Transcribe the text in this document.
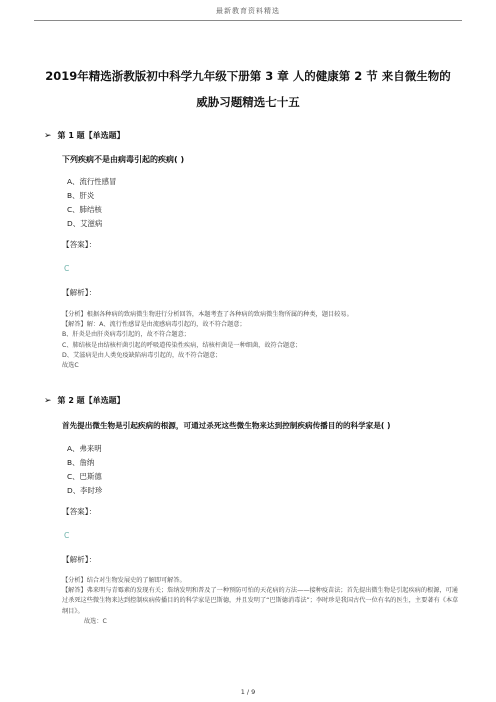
最新教育资料精选
2019年精选浙教版初中科学九年级下册第 3 章 人的健康第 2 节 来自微生物的
威胁习题精选七十五
➢ 第 1 题【单选题】
下列疾病不是由病毒引起的疾病( )
A、流行性感冒
B、肝炎
C、肺结核
D、艾滋病
【答案】：
C
【解析】：
【分析】根据各种病的致病微生物进行分析回答，本题考查了各种病的致病微生物所属的种类，题目较易。
【解答】解：A、流行性感冒是由流感病毒引起的，故不符合题意；
B、肝炎是由肝炎病毒引起的，故不符合题意；
C、肺结核是由结核杆菌引起的呼吸道传染性疾病，结核杆菌是一种细菌，故符合题意；
D、艾滋病是由人类免疫缺陷病毒引起的，故不符合题意；
故选C
➢ 第 2 题【单选题】
首先提出微生物是引起疾病的根源，可通过杀死这些微生物来达到控制疾病传播目的的科学家是( )
A、弗来明
B、詹纳
C、巴斯德
D、李时珍
【答案】：
C
【解析】：
【分析】结合对生物发展史的了解即可解答。
【解答】弗来明与青霉素的发现有关；詹纳发明和普及了一种预防可怕的天花病的方法——接种疫苗法；首先提出微生物是引起疾病的根源，可通过杀死这些微生物来达到控制疾病传播目的的科学家是巴斯德，并且发明了“巴斯德消毒法”；李时珍是我国古代一位有名的医生，主要著有《本草纲目》。
故选：C
1 / 9
